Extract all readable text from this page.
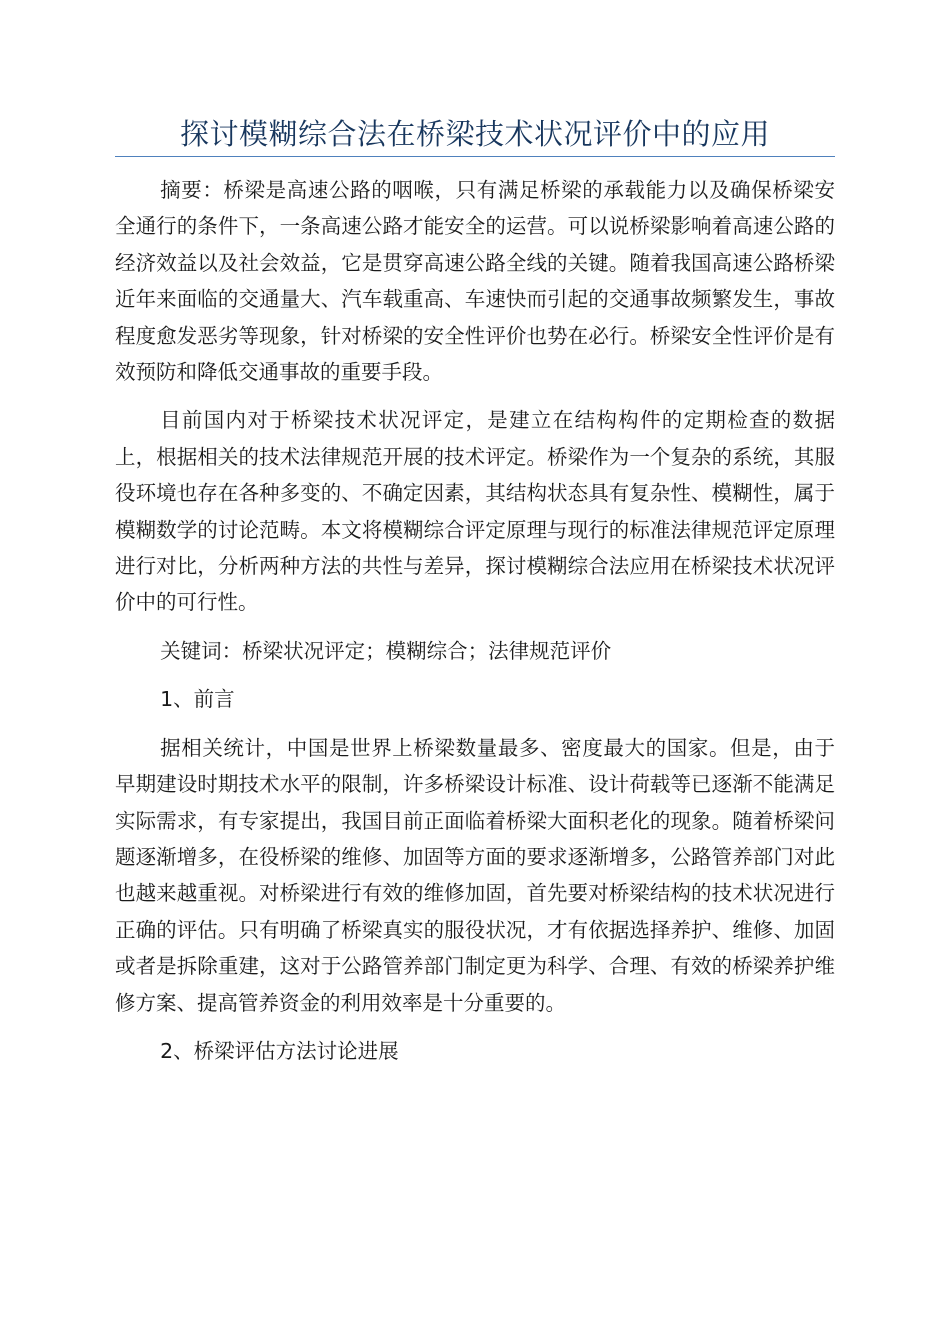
探讨模糊综合法在桥梁技术状况评价中的应用

摘要：桥梁是高速公路的咽喉，只有满足桥梁的承载能力以及确保桥梁安全通行的条件下，一条高速公路才能安全的运营。可以说桥梁影响着高速公路的经济效益以及社会效益，它是贯穿高速公路全线的关键。随着我国高速公路桥梁近年来面临的交通量大、汽车载重高、车速快而引起的交通事故频繁发生，事故程度愈发恶劣等现象，针对桥梁的安全性评价也势在必行。桥梁安全性评价是有效预防和降低交通事故的重要手段。

目前国内对于桥梁技术状况评定，是建立在结构构件的定期检查的数据上，根据相关的技术法律规范开展的技术评定。桥梁作为一个复杂的系统，其服役环境也存在各种多变的、不确定因素，其结构状态具有复杂性、模糊性，属于模糊数学的讨论范畴。本文将模糊综合评定原理与现行的标准法律规范评定原理进行对比，分析两种方法的共性与差异，探讨模糊综合法应用在桥梁技术状况评价中的可行性。

关键词：桥梁状况评定；模糊综合；法律规范评价

1、前言

据相关统计，中国是世界上桥梁数量最多、密度最大的国家。但是，由于早期建设时期技术水平的限制，许多桥梁设计标准、设计荷载等已逐渐不能满足实际需求，有专家提出，我国目前正面临着桥梁大面积老化的现象。随着桥梁问题逐渐增多，在役桥梁的维修、加固等方面的要求逐渐增多，公路管养部门对此也越来越重视。对桥梁进行有效的维修加固，首先要对桥梁结构的技术状况进行正确的评估。只有明确了桥梁真实的服役状况，才有依据选择养护、维修、加固或者是拆除重建，这对于公路管养部门制定更为科学、合理、有效的桥梁养护维修方案、提高管养资金的利用效率是十分重要的。

2、桥梁评估方法讨论进展
